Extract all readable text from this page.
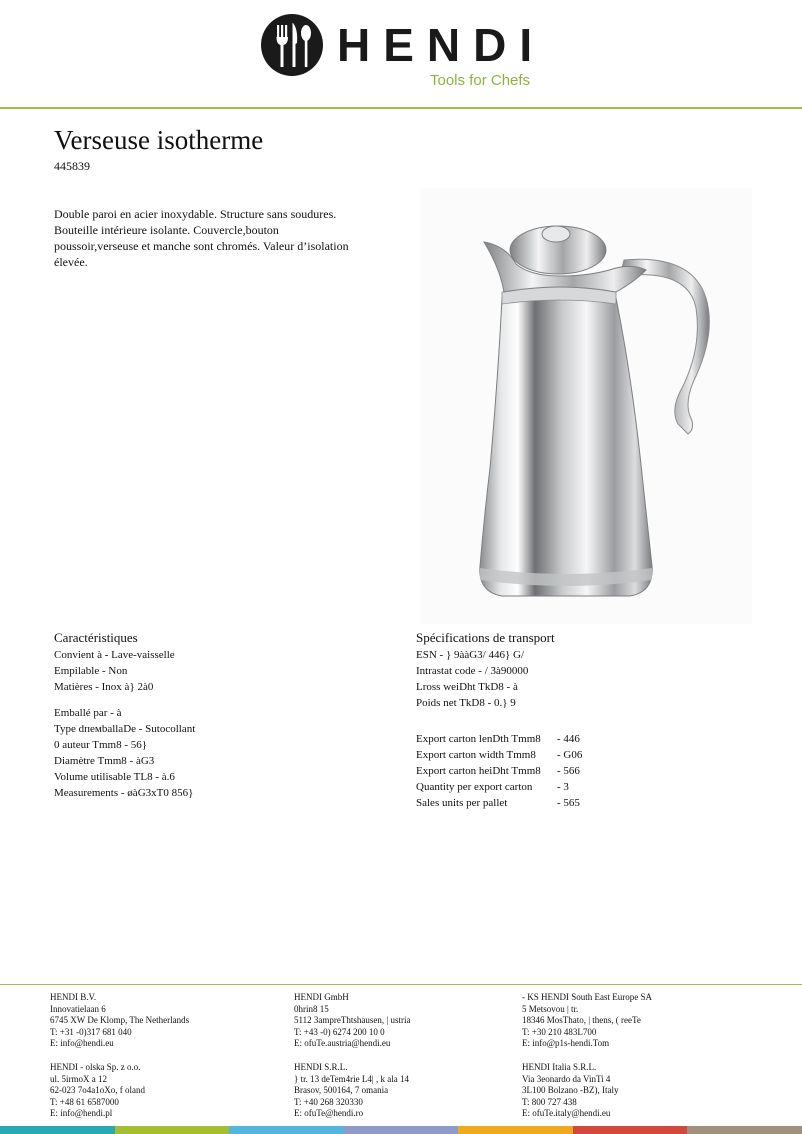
HENDI
Tools for Chefs
Verseuse isotherme
445839
Double paroi en acier inoxydable. Structure sans soudures. Bouteille intérieure isolante. Couvercle,bouton poussoir,verseuse et manche sont chromés. Valeur d’isolation élevée.
Caractéristiques
Convient à - Lave-vaisselle
Empilable - Non
Matières - Inox à} 2à0
Emballé par - à
Type dпемballaDe - Sutocollant
0 auteur Tmm8 - 56}
Diamètre Tmm8 - àG3
Volume utilisable TL8 - à.6
Measurements - øàG3xT0 856}
Spécifications de transport
ESN - } 9ààG3/ 446} G/
Intrastat code - / 3à90000
Lross weiDht TkD8 - à
Poids net TkD8 - 0.} 9
Export carton lenDth Tmm8	- 446
Export carton width Tmm8	- G06
Export carton heiDht Tmm8	- 566
Quantity per export carton	- 3
Sales units per pallet	- 565
HENDI B.V.
Innovatielaan 6
6745 XW De Klomp, The Netherlands
T: +31 -0)317 681 040
E: info@hendi.eu
HENDI GmbH
0hrin8 15
5112 3ampreThtshausen, | ustria
T: +43 -0) 6274 200 10 0
E: ofuTe.austria@hendi.eu
- KS HENDI South East Europe SA
5 Metsovou | tr.
18346 MosThato, | thens, ( reeTe
T: +30 210 483L700
E: info@p1s-hendi.Tom
HENDI - olska Sp. z o.o.
ul. 5irmoX a 12
62-023 7o4a1oXo, f oland
T: +48 61 6587000
E: info@hendi.pl
HENDI S.R.L.
} tr. 13 deTem4rie L4| , k ala 14
Brasov, 500164, 7 omania
T: +40 268 320330
E: ofuTe@hendi.ro
HENDI Italia S.R.L.
Via 3eonardo da VinTi 4
3L100 Bolzano -BZ), Italy
T: 800 727 438
E: ofuTe.italy@hendi.eu
